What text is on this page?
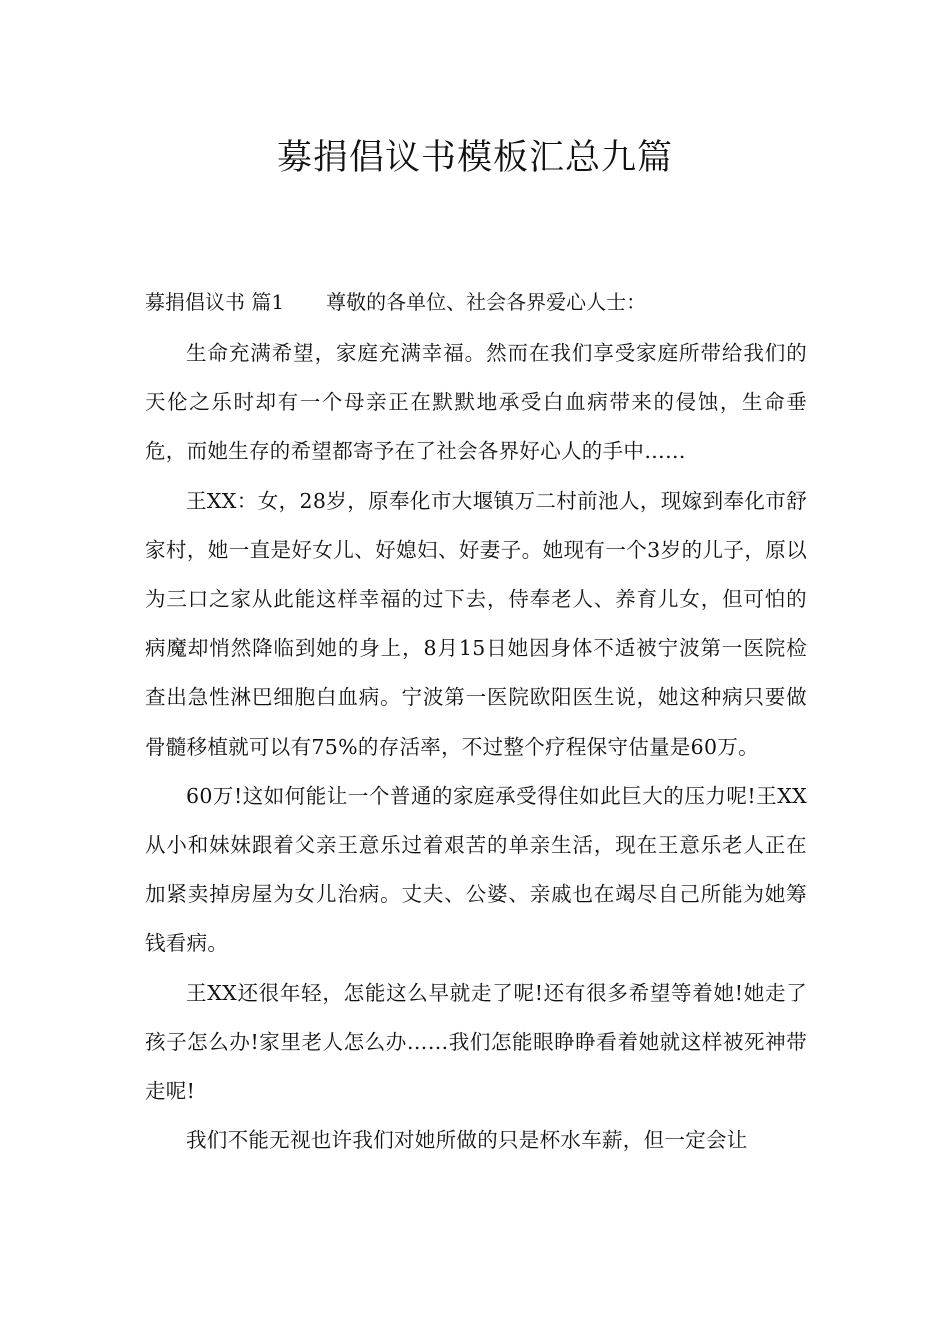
募捐倡议书模板汇总九篇
募捐倡议书 篇1 尊敬的各单位、社会各界爱心人士：

生命充满希望，家庭充满幸福。然而在我们享受家庭所带给我们的天伦之乐时却有一个母亲正在默默地承受白血病带来的侵蚀，生命垂危，而她生存的希望都寄予在了社会各界好心人的手中……

王XX：女，28岁，原奉化市大堰镇万二村前池人，现嫁到奉化市舒家村，她一直是好女儿、好媳妇、好妻子。她现有一个3岁的儿子，原以为三口之家从此能这样幸福的过下去，侍奉老人、养育儿女，但可怕的病魔却悄然降临到她的身上，8月15日她因身体不适被宁波第一医院检查出急性淋巴细胞白血病。宁波第一医院欧阳医生说，她这种病只要做骨髓移植就可以有75%的存活率，不过整个疗程保守估量是60万。

60万!这如何能让一个普通的家庭承受得住如此巨大的压力呢!王XX从小和妹妹跟着父亲王意乐过着艰苦的单亲生活，现在王意乐老人正在加紧卖掉房屋为女儿治病。丈夫、公婆、亲戚也在竭尽自己所能为她筹钱看病。

王XX还很年轻，怎能这么早就走了呢!还有很多希望等着她!她走了孩子怎么办!家里老人怎么办……我们怎能眼睁睁看着她就这样被死神带走呢!

我们不能无视也许我们对她所做的只是杯水车薪，但一定会让
